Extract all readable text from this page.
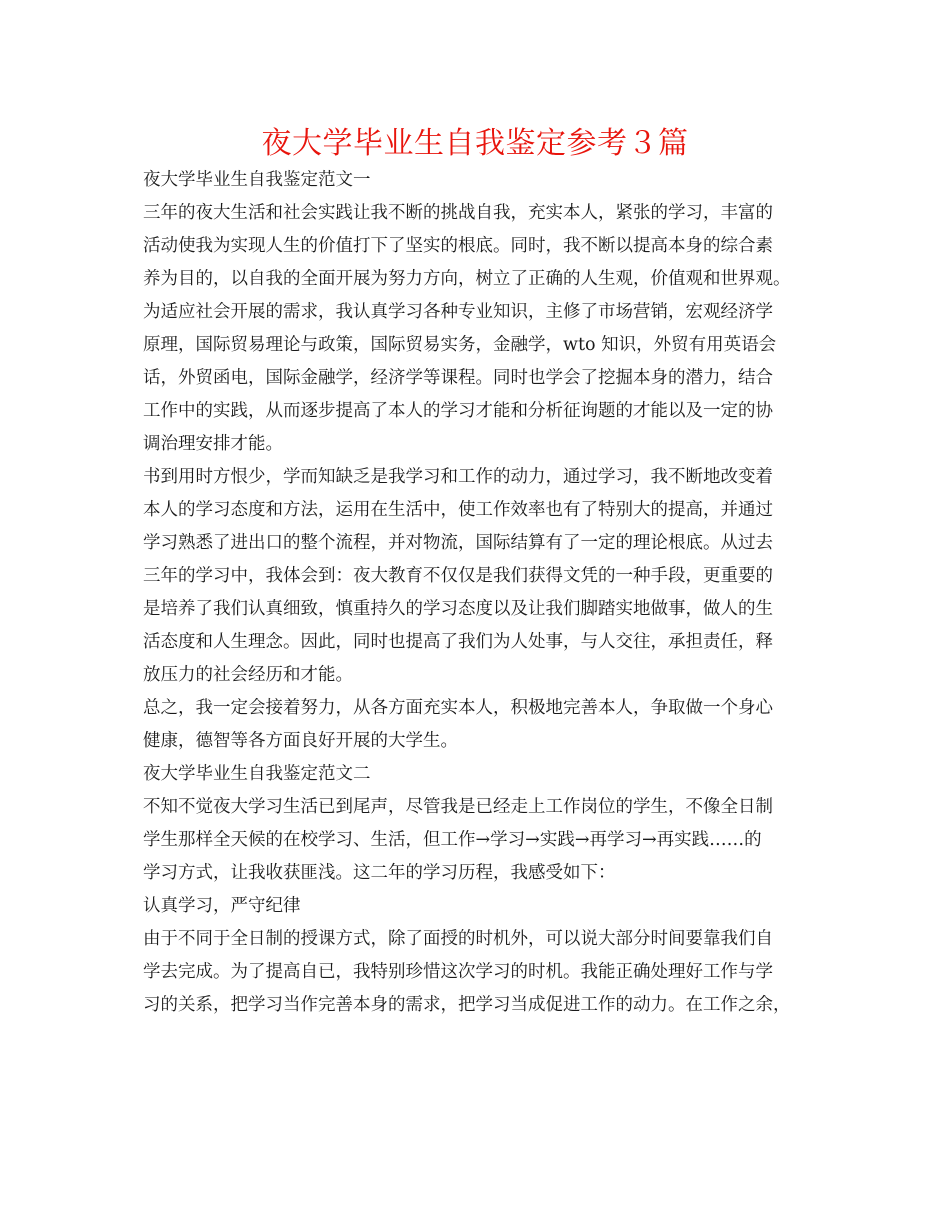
夜大学毕业生自我鉴定参考３篇
夜大学毕业生自我鉴定范文一
三年的夜大生活和社会实践让我不断的挑战自我，充实本人，紧张的学习，丰富的
活动使我为实现人生的价值打下了坚实的根底。同时，我不断以提高本身的综合素
养为目的，以自我的全面开展为努力方向，树立了正确的人生观，价值观和世界观。
为适应社会开展的需求，我认真学习各种专业知识，主修了市场营销，宏观经济学
原理，国际贸易理论与政策，国际贸易实务，金融学，wto 知识，外贸有用英语会
话，外贸函电，国际金融学，经济学等课程。同时也学会了挖掘本身的潜力，结合
工作中的实践，从而逐步提高了本人的学习才能和分析征询题的才能以及一定的协
调治理安排才能。
书到用时方恨少，学而知缺乏是我学习和工作的动力，通过学习，我不断地改变着
本人的学习态度和方法，运用在生活中，使工作效率也有了特别大的提高，并通过
学习熟悉了进出口的整个流程，并对物流，国际结算有了一定的理论根底。从过去
三年的学习中，我体会到：夜大教育不仅仅是我们获得文凭的一种手段，更重要的
是培养了我们认真细致，慎重持久的学习态度以及让我们脚踏实地做事，做人的生
活态度和人生理念。因此，同时也提高了我们为人处事，与人交往，承担责任，释
放压力的社会经历和才能。
总之，我一定会接着努力，从各方面充实本人，积极地完善本人，争取做一个身心
健康，德智等各方面良好开展的大学生。
夜大学毕业生自我鉴定范文二
不知不觉夜大学习生活已到尾声，尽管我是已经走上工作岗位的学生，不像全日制
学生那样全天候的在校学习、生活，但工作→学习→实践→再学习→再实践……的
学习方式，让我收获匪浅。这二年的学习历程，我感受如下：
认真学习，严守纪律
由于不同于全日制的授课方式，除了面授的时机外，可以说大部分时间要靠我们自
学去完成。为了提高自已，我特别珍惜这次学习的时机。我能正确处理好工作与学
习的关系，把学习当作完善本身的需求，把学习当成促进工作的动力。在工作之余，
